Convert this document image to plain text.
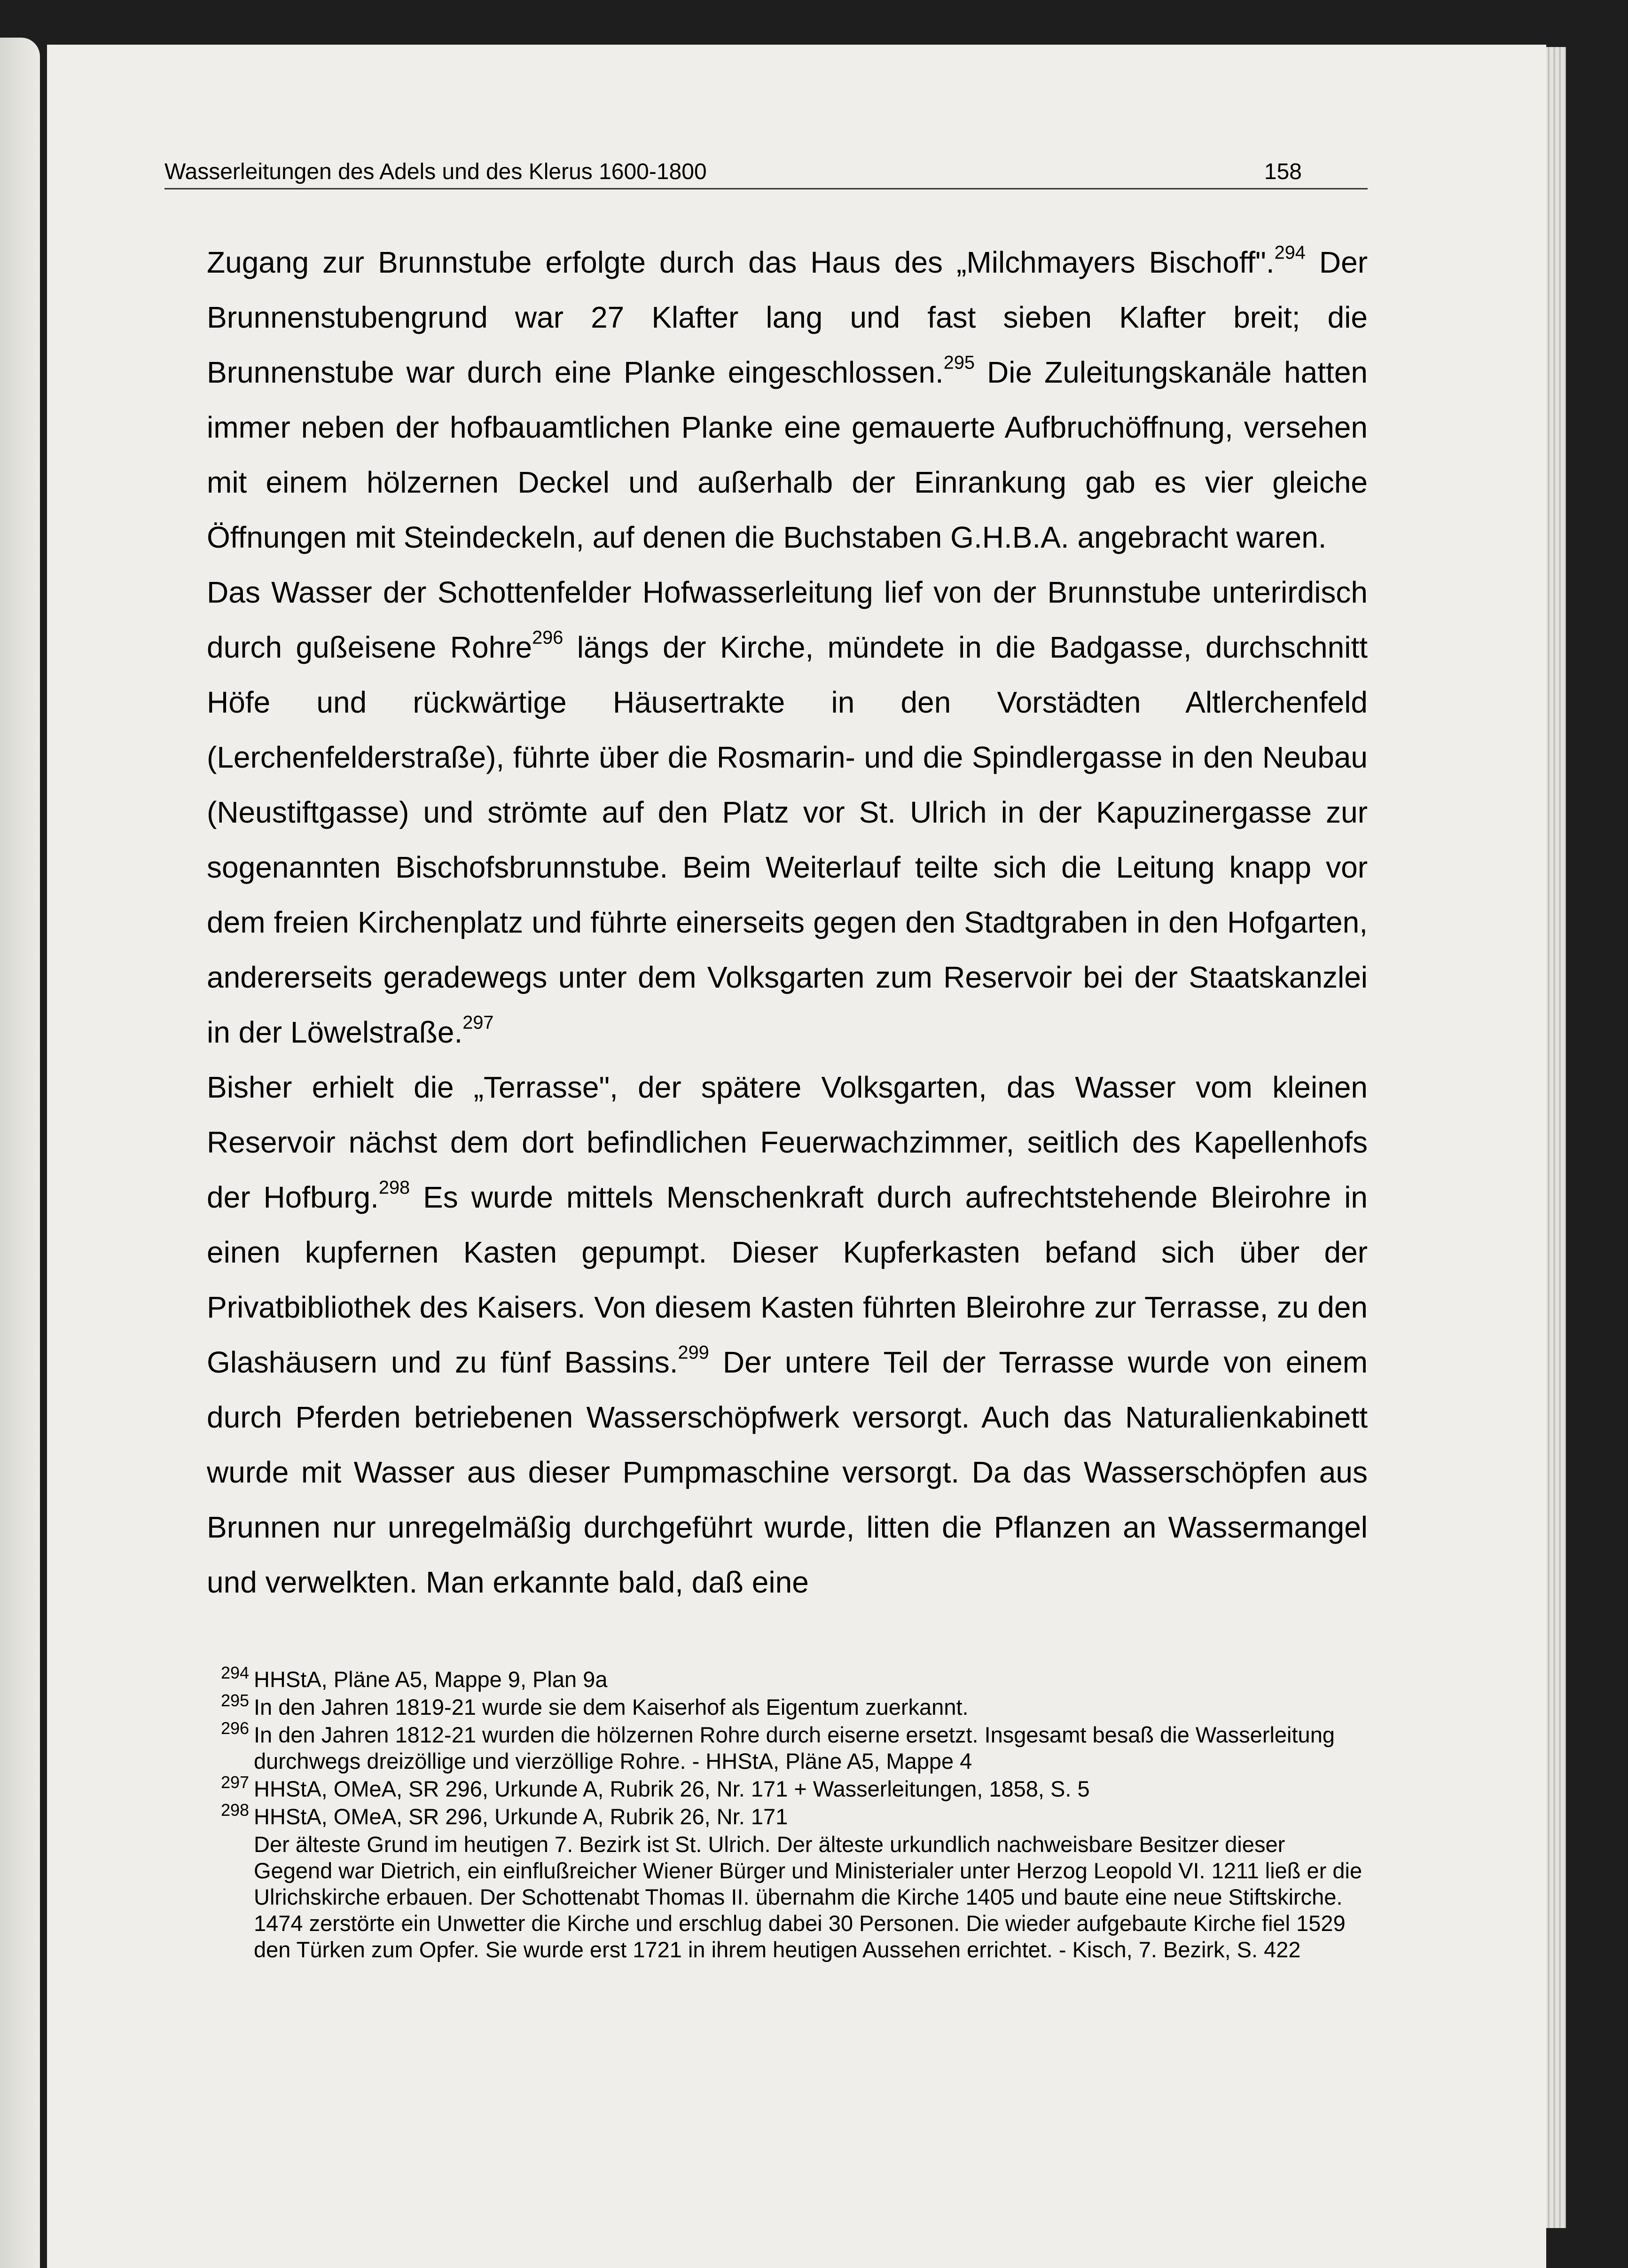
Wasserleitungen des Adels und des Klerus 1600-1800	158

Zugang zur Brunnstube erfolgte durch das Haus des „Milchmayers Bischoff".$^{294}$ Der Brunnenstubengrund war 27 Klafter lang und fast sieben Klafter breit; die Brunnenstube war durch eine Planke eingeschlossen.$^{295}$ Die Zuleitungskanäle hatten immer neben der hofbauamtlichen Planke eine gemauerte Aufbruchöffnung, versehen mit einem hölzernen Deckel und außerhalb der Einrankung gab es vier gleiche Öffnungen mit Steindeckeln, auf denen die Buchstaben G.H.B.A. angebracht waren.

Das Wasser der Schottenfelder Hofwasserleitung lief von der Brunnstube unterirdisch durch gußeisene Rohre$^{296}$ längs der Kirche, mündete in die Badgasse, durchschnitt Höfe und rückwärtige Häusertrakte in den Vorstädten Altlerchenfeld (Lerchenfelderstraße), führte über die Rosmarin- und die Spindlergasse in den Neubau (Neustiftgasse) und strömte auf den Platz vor St. Ulrich in der Kapuzinergasse zur sogenannten Bischofsbrunnstube. Beim Weiterlauf teilte sich die Leitung knapp vor dem freien Kirchenplatz und führte einerseits gegen den Stadtgraben in den Hofgarten, andererseits geradewegs unter dem Volksgarten zum Reservoir bei der Staatskanzlei in der Löwelstraße.$^{297}$

Bisher erhielt die „Terrasse", der spätere Volksgarten, das Wasser vom kleinen Reservoir nächst dem dort befindlichen Feuerwachzimmer, seitlich des Kapellenhofs der Hofburg.$^{298}$ Es wurde mittels Menschenkraft durch aufrechtstehende Bleirohre in einen kupfernen Kasten gepumpt. Dieser Kupferkasten befand sich über der Privatbibliothek des Kaisers. Von diesem Kasten führten Bleirohre zur Terrasse, zu den Glashäusern und zu fünf Bassins.$^{299}$ Der untere Teil der Terrasse wurde von einem durch Pferden betriebenen Wasserschöpfwerk versorgt. Auch das Naturalienkabinett wurde mit Wasser aus dieser Pumpmaschine versorgt. Da das Wasserschöpfen aus Brunnen nur unregelmäßig durchgeführt wurde, litten die Pflanzen an Wassermangel und verwelkten. Man erkannte bald, daß eine

294 HHStA, Pläne A5, Mappe 9, Plan 9a
295 In den Jahren 1819-21 wurde sie dem Kaiserhof als Eigentum zuerkannt.
296 In den Jahren 1812-21 wurden die hölzernen Rohre durch eiserne ersetzt. Insgesamt besaß die Wasserleitung durchwegs dreizöllige und vierzöllige Rohre. - HHStA, Pläne A5, Mappe 4
297 HHStA, OMeA, SR 296, Urkunde A, Rubrik 26, Nr. 171 + Wasserleitungen, 1858, S. 5
298 HHStA, OMeA, SR 296, Urkunde A, Rubrik 26, Nr. 171
Der älteste Grund im heutigen 7. Bezirk ist St. Ulrich. Der älteste urkundlich nachweisbare Besitzer dieser Gegend war Dietrich, ein einflußreicher Wiener Bürger und Ministerialer unter Herzog Leopold VI. 1211 ließ er die Ulrichskirche erbauen. Der Schottenabt Thomas II. übernahm die Kirche 1405 und baute eine neue Stiftskirche. 1474 zerstörte ein Unwetter die Kirche und erschlug dabei 30 Personen. Die wieder aufgebaute Kirche fiel 1529 den Türken zum Opfer. Sie wurde erst 1721 in ihrem heutigen Aussehen errichtet. - Kisch, 7. Bezirk, S. 422
